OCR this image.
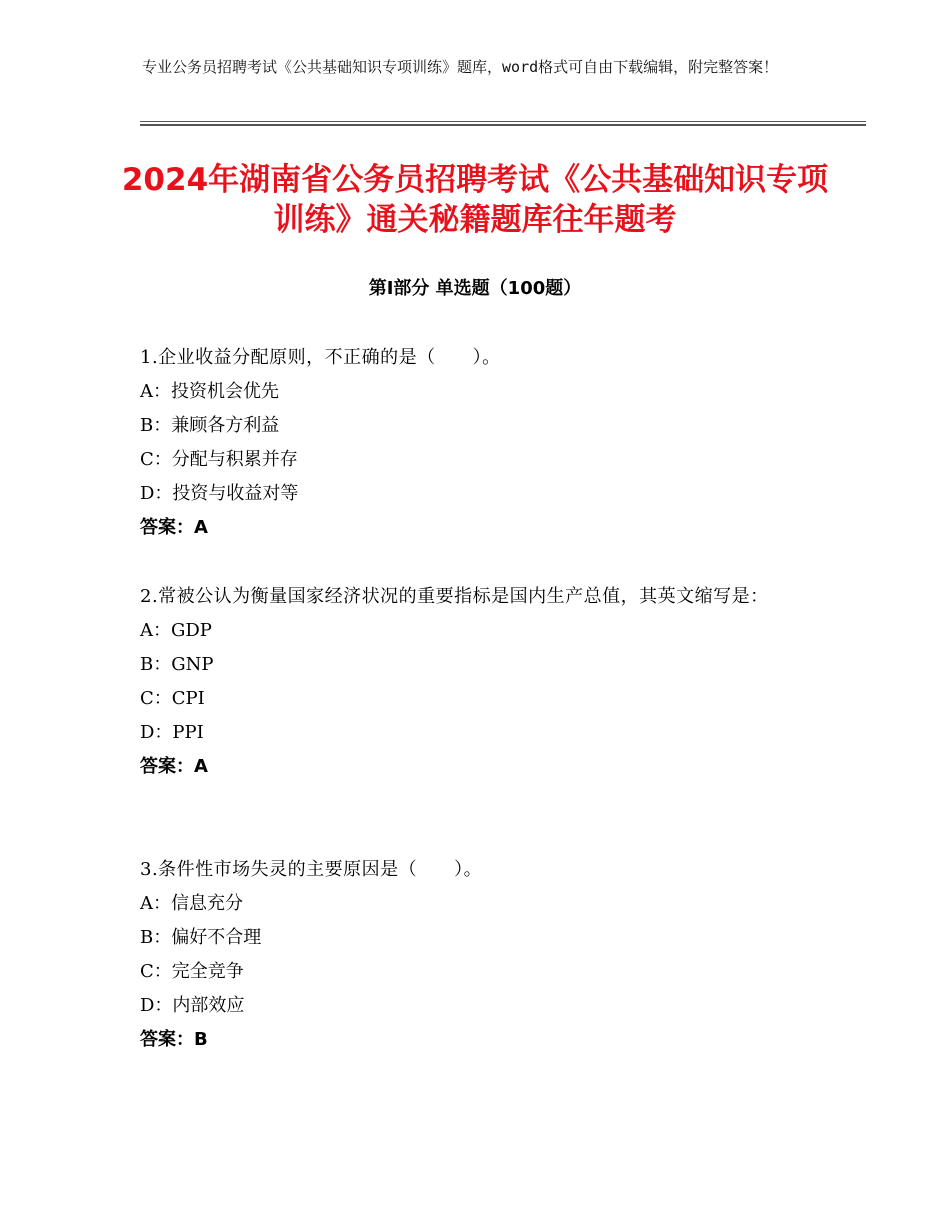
专业公务员招聘考试《公共基础知识专项训练》题库，word格式可自由下载编辑，附完整答案！
2024年湖南省公务员招聘考试《公共基础知识专项训练》通关秘籍题库往年题考
第Ⅰ部分 单选题（100题）

1.企业收益分配原则，不正确的是（　　）。

A：投资机会优先

B：兼顾各方利益

C：分配与积累并存

D：投资与收益对等

答案：A

2.常被公认为衡量国家经济状况的重要指标是国内生产总值，其英文缩写是：

A：GDP

B：GNP

C：CPI

D：PPI

答案：A

3.条件性市场失灵的主要原因是（　　）。

A：信息充分

B：偏好不合理

C：完全竞争

D：内部效应

答案：B
